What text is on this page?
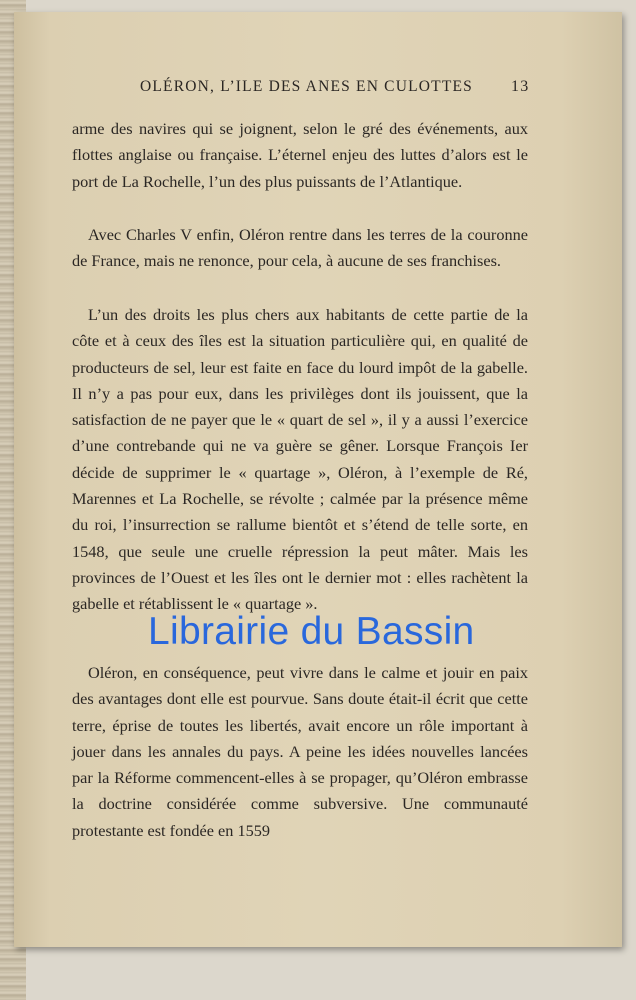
OLÉRON, L’ILE DES ANES EN CULOTTES 13

arme des navires qui se joignent, selon le gré des événements, aux flottes anglaise ou française. L’éternel enjeu des luttes d’alors est le port de La Rochelle, l’un des plus puissants de l’Atlantique.

Avec Charles V enfin, Oléron rentre dans les terres de la couronne de France, mais ne renonce, pour cela, à aucune de ses franchises.

L’un des droits les plus chers aux habitants de cette partie de la côte et à ceux des îles est la situation particulière qui, en qualité de producteurs de sel, leur est faite en face du lourd impôt de la gabelle. Il n’y a pas pour eux, dans les privilèges dont ils jouissent, que la satisfaction de ne payer que le « quart de sel », il y a aussi l’exercice d’une contrebande qui ne va guère se gêner. Lorsque François Ier décide de supprimer le « quartage », Oléron, à l’exemple de Ré, Marennes et La Rochelle, se révolte ; calmée par la présence même du roi, l’insurrection se rallume bientôt et s’étend de telle sorte, en 1548, que seule une cruelle répression la peut mâter. Mais les provinces de l’Ouest et les îles ont le dernier mot : elles rachètent la gabelle et rétablissent le « quartage ».

Oléron, en conséquence, peut vivre dans le calme et jouir en paix des avantages dont elle est pourvue. Sans doute était-il écrit que cette terre, éprise de toutes les libertés, avait encore un rôle important à jouer dans les annales du pays. A peine les idées nouvelles lancées par la Réforme commencent-elles à se propager, qu’Oléron embrasse la doctrine considérée comme subversive. Une communauté protestante est fondée en 1559

Librairie du Bassin
